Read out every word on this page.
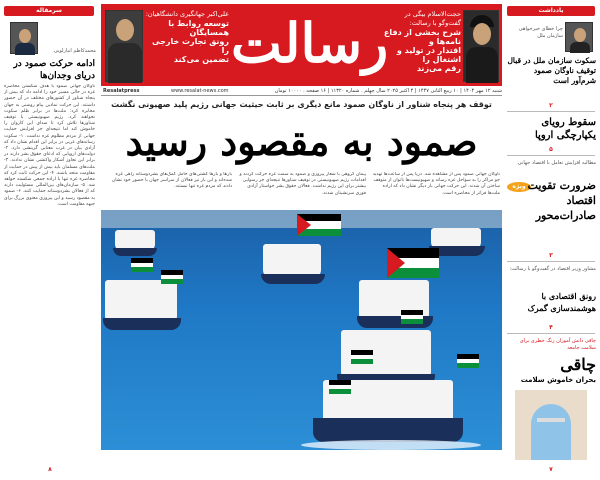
سرمقاله
محمدکاظم انبارلویی
ادامه حرکت صمود در دریای وجدان‌ها
ناوگان جهانی صمود با هدف شکستن محاصره غزه در حالی مسیر خود را ادامه داد که بیش از پنجاه شناور از کشورهای مختلف در آن حضور داشتند. این حرکت نمادین پیام روشنی به جهان مخابره کرد: ملت‌ها در برابر ظلم سکوت نخواهند کرد. رژیم صهیونیستی با توقیف شناورها تلاش کرد تا صدای این کاروان را خاموش کند اما نتیجه‌ای جز افزایش حمایت جهانی از مردم مظلوم غزه نداشت. ۱- سکوت رسانه‌های غربی در برابر این اقدام نشان داد که آزادی بیان در غرب معنایی گزینشی دارد. ۲- دولت‌های اروپایی که ادعای حقوق بشر دارند در برابر این تجاوز آشکار واکنشی نشان ندادند. ۳- ملت‌های مسلمان باید بیش از پیش در حمایت از مقاومت متحد باشند. ۴- این حرکت ثابت کرد که محاصره غزه تنها با اراده جمعی شکسته خواهد شد. ۵- سازمان‌های بین‌المللی مسئولیت دارند که از فعالان بشردوستانه حمایت کنند. ۶- صمود به مقصود رسید و این پیروزی معنوی بزرگ برای جبهه مقاومت است.
۸
حجت‌الاسلام بیگی در گفت‌وگو با رسالت:
شرح بخشی از دفاع نامه‌ها و
اقتدار در تولید و اشتغال را
رقم می‌زند
رسالت
علی‌اکبر جهانگیری دانشگاهیان:
توسعه روابط با همسایگان
رونق تجارت خارجی را
تضمین می‌کند
شنبه ۱۲ مهر ۱۴۰۴ | ۱۰ ربیع الثانی ۱۴۴۷ | ۴ اکتبر ۲۰۲۵ سال چهلم . شماره ۱۱۳۲۰ | ۱۶ صفحه . ۱۰۰۰۰ تومان
www.resalat-news.com
Resalatpress
توقف هر پنجاه شناور از ناوگان صمود مانع دیگری بر ثابت حیثیت جهانی رژیم پلید صهیونی نگشت
صمود به مقصود رسید
ناوگان جهانی صمود پس از مشاهده شد. دریا پس از ساعت‌ها تهدید جو مراکز را به سواحل غزه رساند و صهیونیست‌ها ناتوان از متوقف ساختن آن شدند. این حرکت جهانی بار دیگر نشان داد که اراده ملت‌ها فراتر از محاصره است.
پیمان گروهی با شعار پیروزی و صمود به سمت غزه حرکت کردند و اقدامات رژیم صهیونیستی در توقیف شناورها نتیجه‌ای جز رسوایی بیشتر برای این رژیم نداشت. فعالان حقوق بشر خواستار آزادی فوری سرنشینان شدند.
بارها و بارها کشتی‌های حامل کمک‌های بشردوستانه راهی غزه شده‌اند و این بار نیز فعالان از سراسر جهان با حضور خود نشان دادند که مردم غزه تنها نیستند.
یادداشت
چرا خطای خیرخواهی سازمان ملل
سکوت سازمان ملل در قبال توقیف ناوگان صمود شرم‌آور است
۲
سقوط رویای یکپارچگی اروپا
۵
ویژه
مطالبه افزایش تعامل با اقتصاد جهانی
ضرورت تقویت اقتصاد صادرات‌محور
۳
مشاور وزیر اقتصاد در گفت‌وگو با رسالت:
رونق اقتصادی با هوشمندسازی گمرک
۴
چاقی دانش آموزان زنگ خطری برای سلامت جامعه
چاقی
بحران خاموش سلامت
۷
